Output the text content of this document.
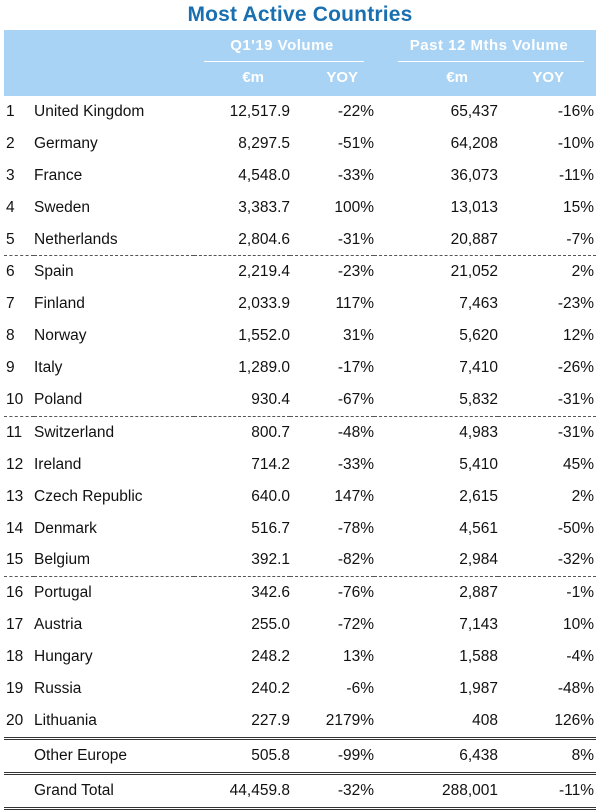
Most Active Countries
Q1'19 Volume	Past 12 Mths Volume
€m	YOY	€m	YOY
1	United Kingdom	12,517.9	-22%	65,437	-16%
2	Germany	8,297.5	-51%	64,208	-10%
3	France	4,548.0	-33%	36,073	-11%
4	Sweden	3,383.7	100%	13,013	15%
5	Netherlands	2,804.6	-31%	20,887	-7%
6	Spain	2,219.4	-23%	21,052	2%
7	Finland	2,033.9	117%	7,463	-23%
8	Norway	1,552.0	31%	5,620	12%
9	Italy	1,289.0	-17%	7,410	-26%
10	Poland	930.4	-67%	5,832	-31%
11	Switzerland	800.7	-48%	4,983	-31%
12	Ireland	714.2	-33%	5,410	45%
13	Czech Republic	640.0	147%	2,615	2%
14	Denmark	516.7	-78%	4,561	-50%
15	Belgium	392.1	-82%	2,984	-32%
16	Portugal	342.6	-76%	2,887	-1%
17	Austria	255.0	-72%	7,143	10%
18	Hungary	248.2	13%	1,588	-4%
19	Russia	240.2	-6%	1,987	-48%
20	Lithuania	227.9	2179%	408	126%
	Other Europe	505.8	-99%	6,438	8%
	Grand Total	44,459.8	-32%	288,001	-11%
